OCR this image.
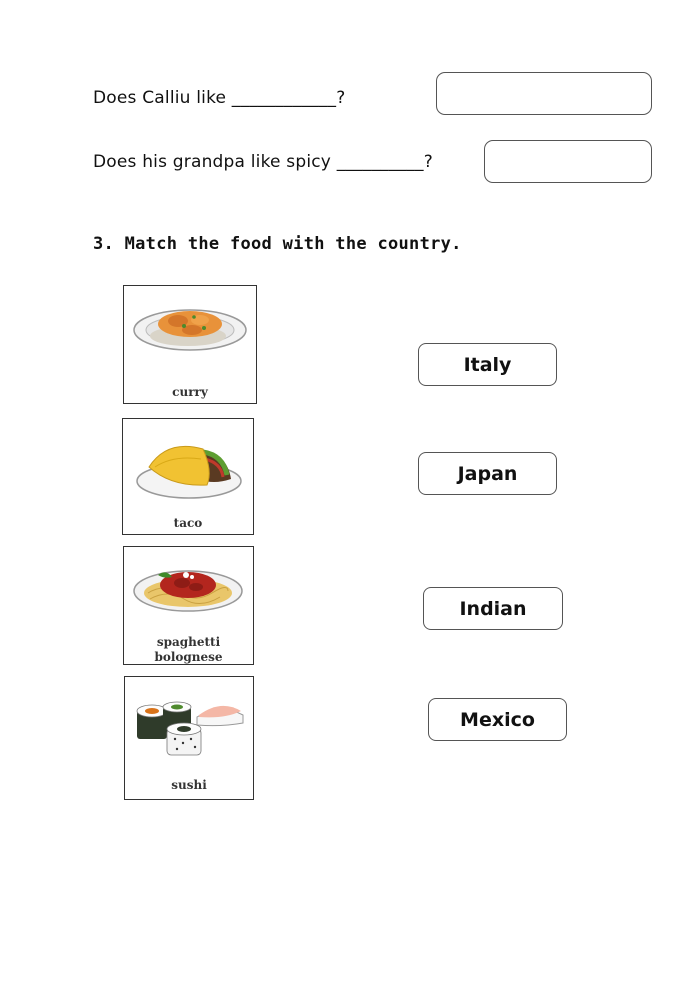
Does Calliu like ____________?
Does his grandpa like spicy __________?
3. Match the food with the country.
curry
taco
spaghetti
bolognese
sushi
Italy
Japan
Indian
Mexico
